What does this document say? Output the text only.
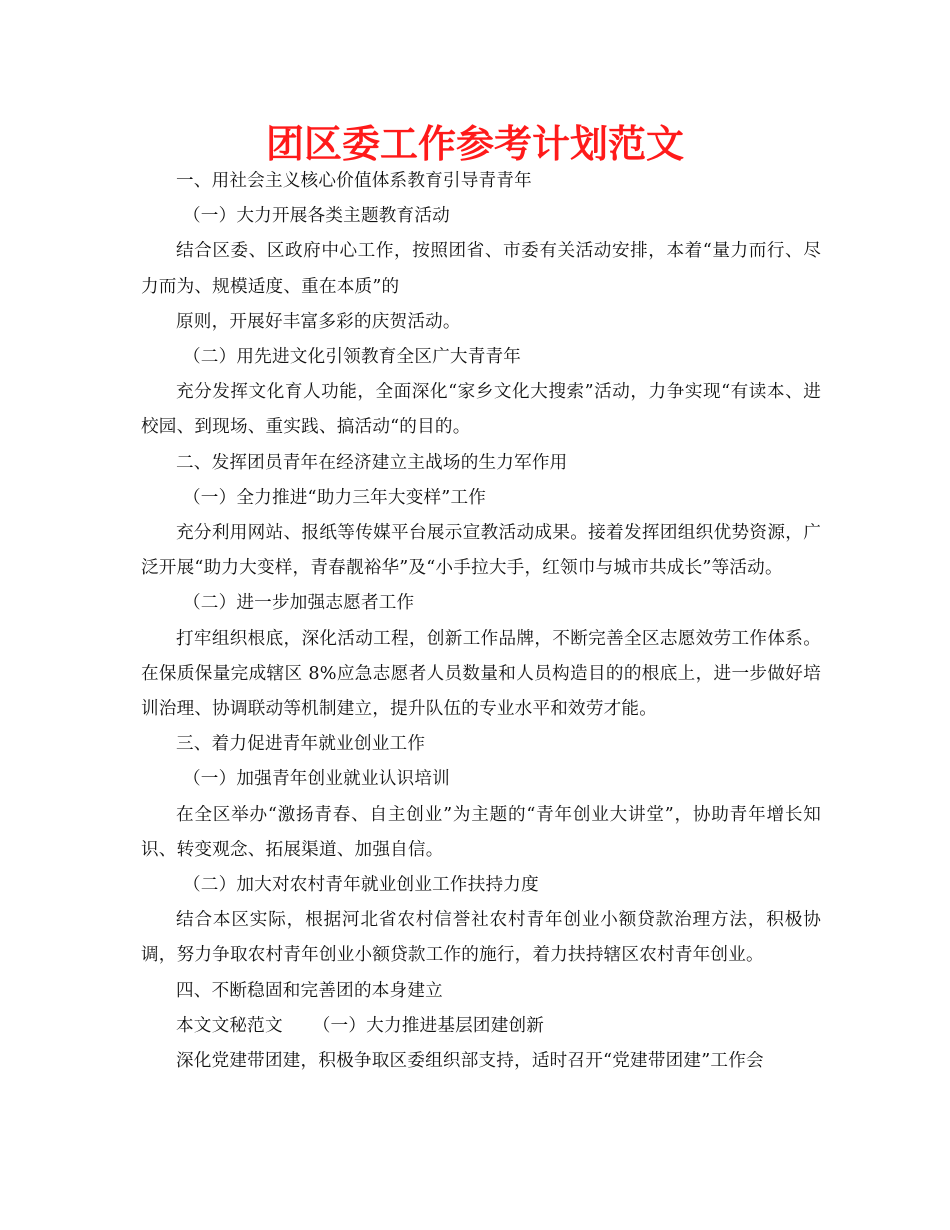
团区委工作参考计划范文

一、用社会主义核心价值体系教育引导青青年

（一）大力开展各类主题教育活动

结合区委、区政府中心工作，按照团省、市委有关活动安排，本着“量力而行、尽力而为、规模适度、重在本质”的

原则，开展好丰富多彩的庆贺活动。

（二）用先进文化引领教育全区广大青青年

充分发挥文化育人功能，全面深化“家乡文化大搜索”活动，力争实现“有读本、进校园、到现场、重实践、搞活动“的目的。

二、发挥团员青年在经济建立主战场的生力军作用

（一）全力推进“助力三年大变样”工作

充分利用网站、报纸等传媒平台展示宣教活动成果。接着发挥团组织优势资源，广泛开展“助力大变样，青春靓裕华”及“小手拉大手，红领巾与城市共成长”等活动。

（二）进一步加强志愿者工作

打牢组织根底，深化活动工程，创新工作品牌，不断完善全区志愿效劳工作体系。在保质保量完成辖区 8%应急志愿者人员数量和人员构造目的的根底上，进一步做好培训治理、协调联动等机制建立，提升队伍的专业水平和效劳才能。

三、着力促进青年就业创业工作

（一）加强青年创业就业认识培训

在全区举办“激扬青春、自主创业”为主题的“青年创业大讲堂”，协助青年增长知识、转变观念、拓展渠道、加强自信。

（二）加大对农村青年就业创业工作扶持力度

结合本区实际，根据河北省农村信誉社农村青年创业小额贷款治理方法，积极协调，努力争取农村青年创业小额贷款工作的施行，着力扶持辖区农村青年创业。

四、不断稳固和完善团的本身建立

本文文秘范文 （一）大力推进基层团建创新

深化党建带团建，积极争取区委组织部支持，适时召开“党建带团建”工作会
